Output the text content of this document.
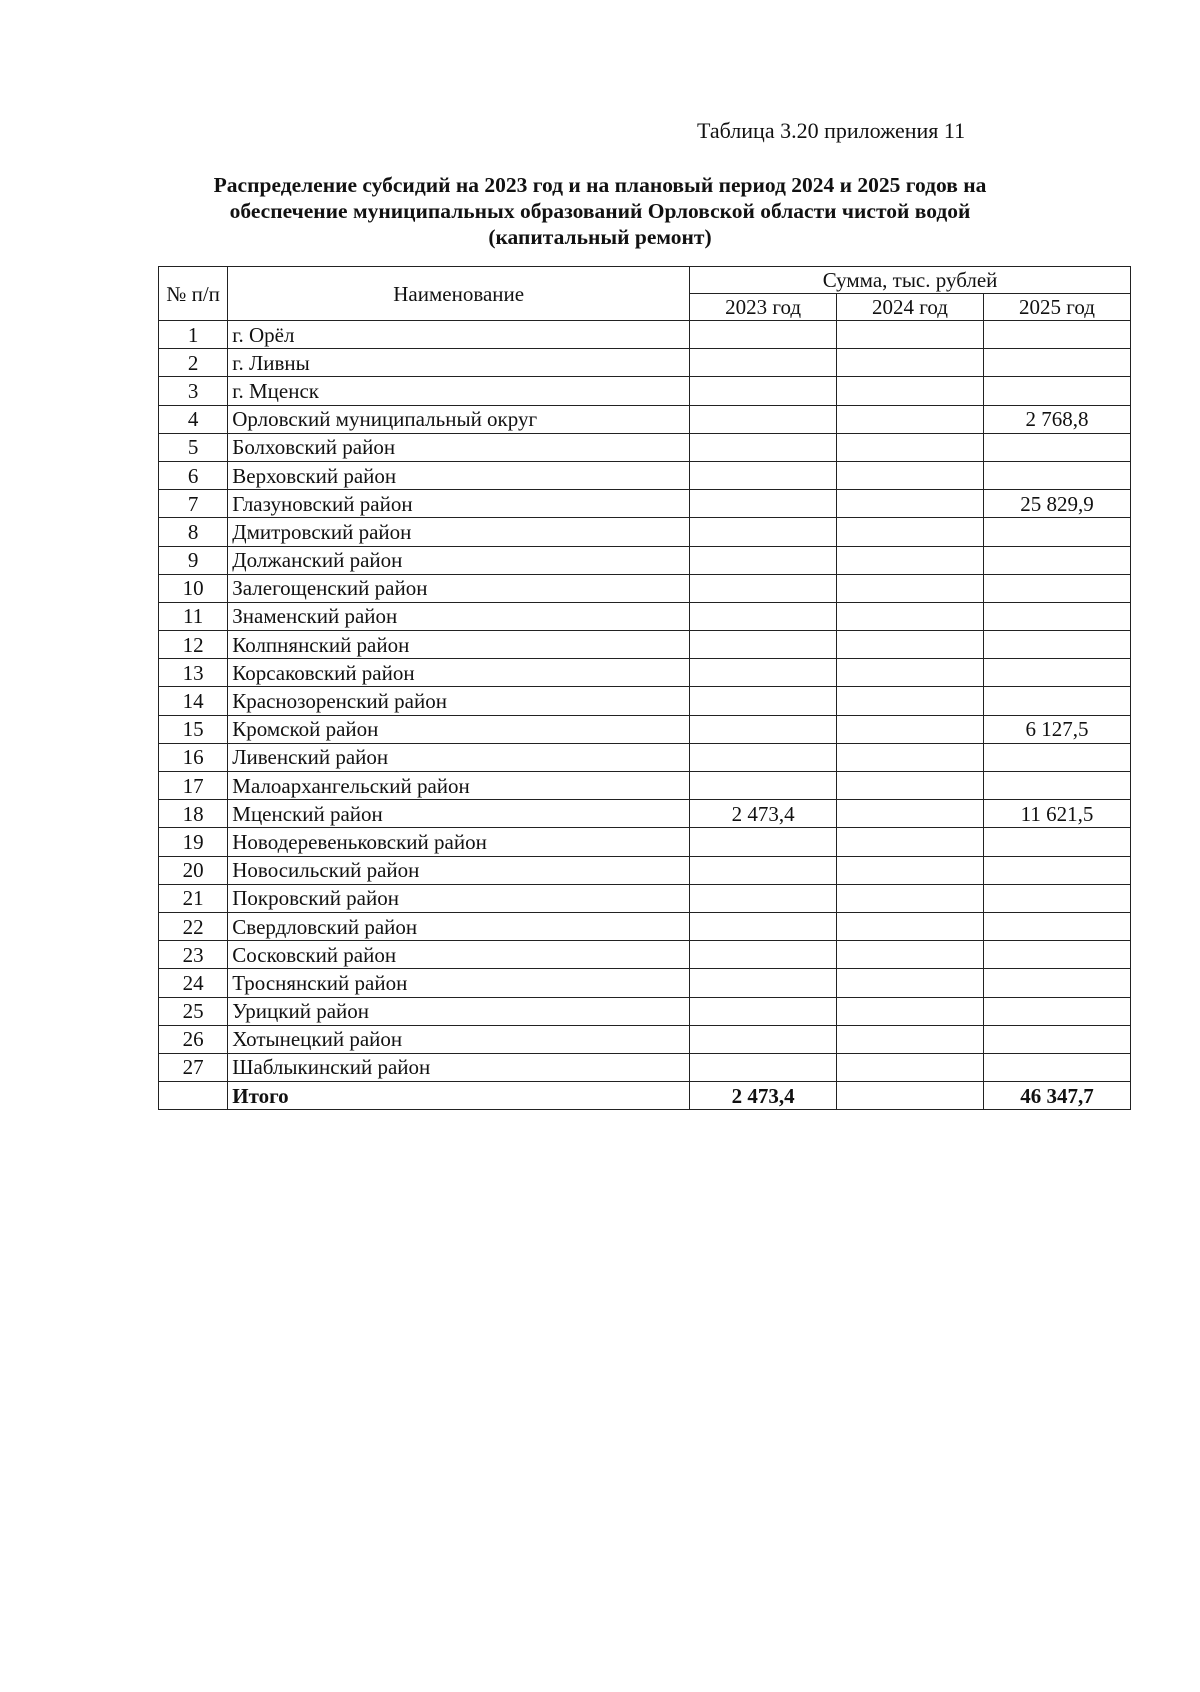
Таблица 3.20 приложения 11
Распределение субсидий на 2023 год и на плановый период 2024 и 2025 годов на
обеспечение муниципальных образований Орловской области чистой водой
(капитальный ремонт)
№ п/п	Наименование	Сумма, тыс. рублей		
		2023 год	2024 год	2025 год
1	г. Орёл			
2	г. Ливны			
3	г. Мценск			
4	Орловский муниципальный округ			2 768,8
5	Болховский район			
6	Верховский район			
7	Глазуновский район			25 829,9
8	Дмитровский район			
9	Должанский район			
10	Залегощенский район			
11	Знаменский район			
12	Колпнянский район			
13	Корсаковский район			
14	Краснозоренский район			
15	Кромской район			6 127,5
16	Ливенский район			
17	Малоархангельский район			
18	Мценский район	2 473,4		11 621,5
19	Новодеревеньковский район			
20	Новосильский район			
21	Покровский район			
22	Свердловский район			
23	Сосковский район			
24	Троснянский район			
25	Урицкий район			
26	Хотынецкий район			
27	Шаблыкинский район			
	Итого	2 473,4		46 347,7
